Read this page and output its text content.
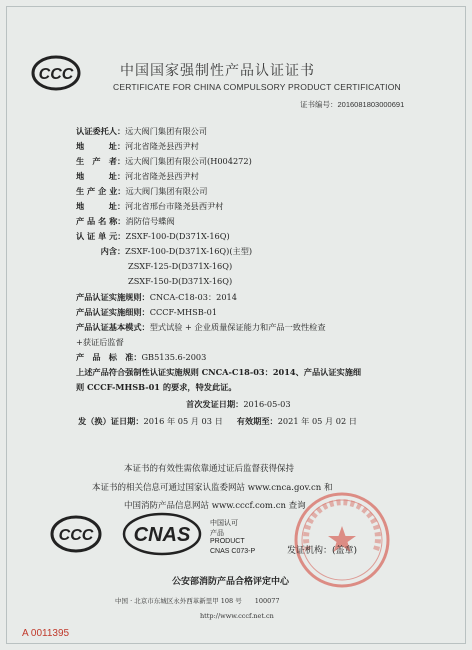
CCC	中国国家强制性产品认证证书
CERTIFICATE FOR CHINA COMPULSORY PRODUCT CERTIFICATION
证书编号：2016081803000691
认证委托人：远大阀门集团有限公司
地　　　址：河北省隆尧县西尹村
生　产　者：远大阀门集团有限公司(H004272)
地　　　址：河北省隆尧县西尹村
生 产 企 业：远大阀门集团有限公司
地　　　址：河北省邢台市隆尧县西尹村
产 品 名 称：消防信号蝶阀
认 证 单 元：ZSXF-100-D(D371X-16Q)
　　　内含：ZSXF-100-D(D371X-16Q)(主型)
ZSXF-125-D(D371X-16Q)
ZSXF-150-D(D371X-16Q)
产品认证实施规则：CNCA-C18-03：2014
产品认证实施细则：CCCF-MHSB-01
产品认证基本模式：型式试验 + 企业质量保证能力和产品一致性检查
+获证后监督
产　品　标　准：GB5135.6-2003
上述产品符合强制性认证实施规则 CNCA-C18-03：2014、产品认证实施细
则 CCCF-MHSB-01 的要求，特发此证。
首次发证日期：2016-05-03
发（换）证日期：2016 年 05 月 03 日 有效期至：2021 年 05 月 02 日
本证书的有效性需依靠通过证后监督获得保持
本证书的相关信息可通过国家认监委网站 www.cnca.gov.cn 和
中国消防产品信息网站 www.cccf.com.cn 查询
CCC CNAS
中国认可
产品
PRODUCT
CNAS C073-P	发证机构：(盖章)
公安部消防产品合格评定中心
中国 · 北京市东城区永外西革新里甲 108 号　　100077
http://www.cccf.net.cn
A 0011395
